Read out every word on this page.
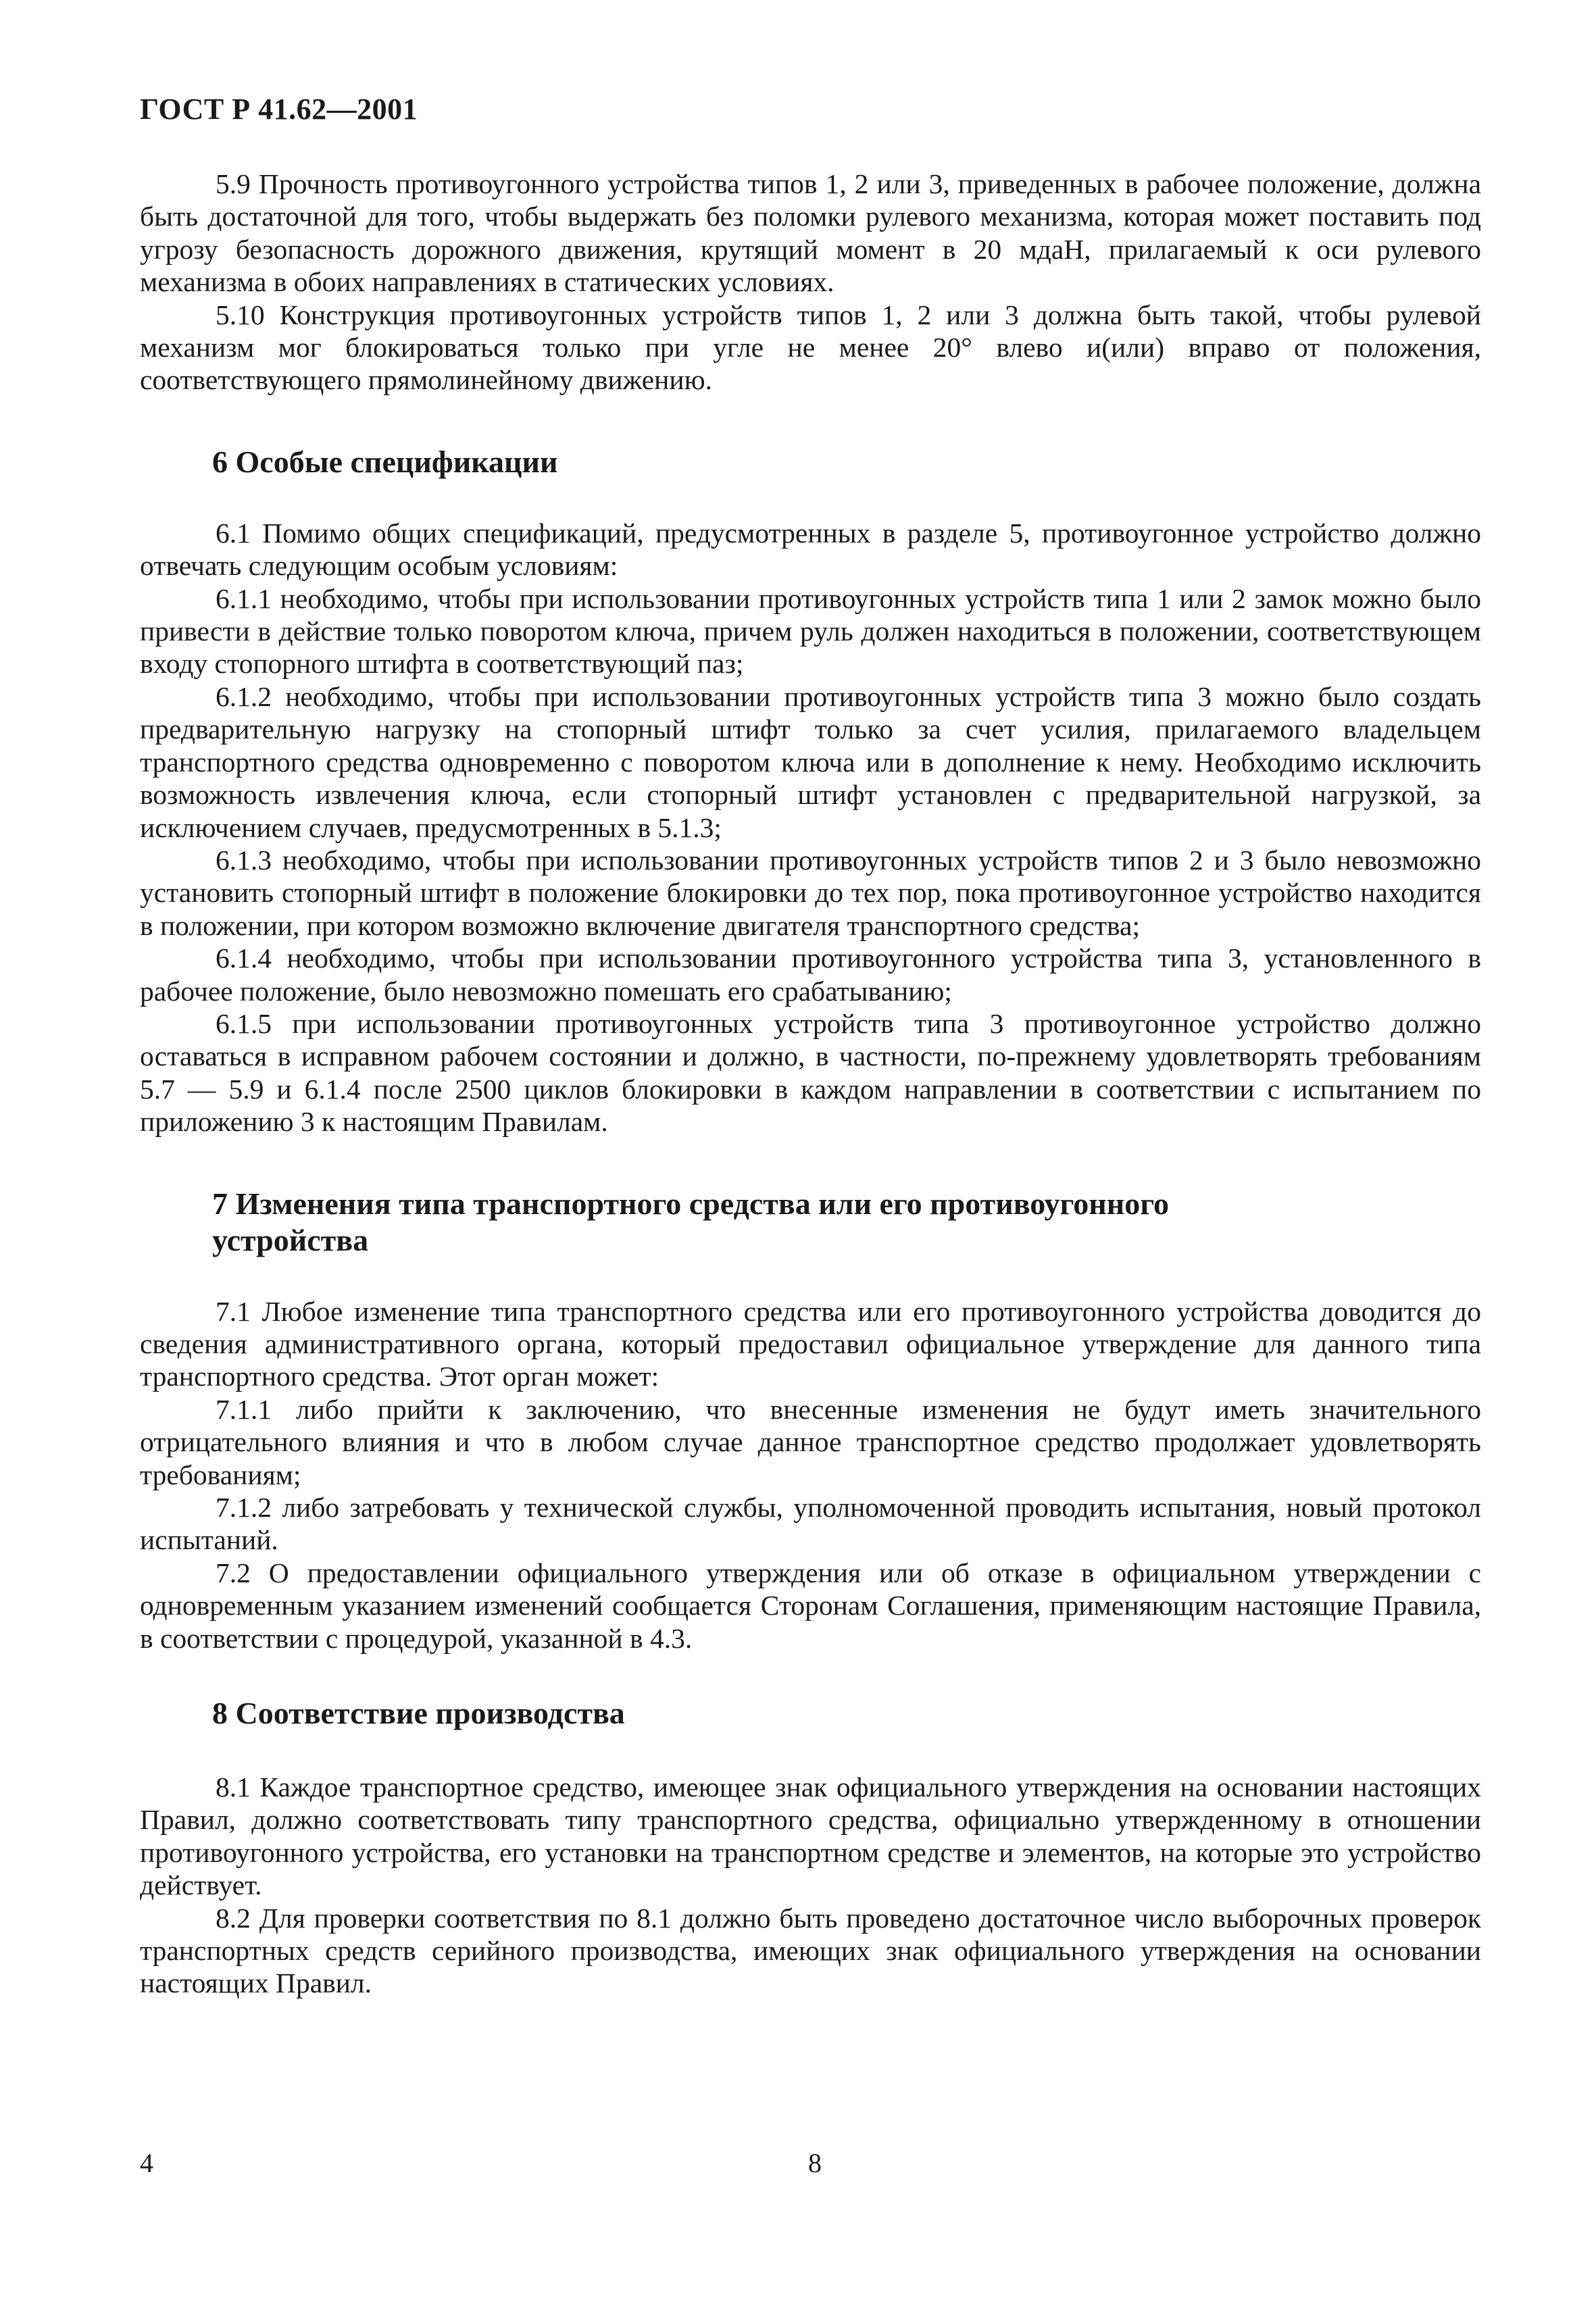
ГОСТ Р 41.62—2001

5.9 Прочность противоугонного устройства типов 1, 2 или 3, приведенных в рабочее положение, должна быть достаточной для того, чтобы выдержать без поломки рулевого механизма, которая может поставить под угрозу безопасность дорожного движения, крутящий момент в 20 мдаН, прилагаемый к оси рулевого механизма в обоих направлениях в статических условиях.

5.10 Конструкция противоугонных устройств типов 1, 2 или 3 должна быть такой, чтобы рулевой механизм мог блокироваться только при угле не менее 20° влево и(или) вправо от положения, соответствующего прямолинейному движению.

6 Особые спецификации

6.1 Помимо общих спецификаций, предусмотренных в разделе 5, противоугонное устройство должно отвечать следующим особым условиям:

6.1.1 необходимо, чтобы при использовании противоугонных устройств типа 1 или 2 замок можно было привести в действие только поворотом ключа, причем руль должен находиться в положении, соответствующем входу стопорного штифта в соответствующий паз;

6.1.2 необходимо, чтобы при использовании противоугонных устройств типа 3 можно было создать предварительную нагрузку на стопорный штифт только за счет усилия, прилагаемого владельцем транспортного средства одновременно с поворотом ключа или в дополнение к нему. Необходимо исключить возможность извлечения ключа, если стопорный штифт установлен с предварительной нагрузкой, за исключением случаев, предусмотренных в 5.1.3;

6.1.3 необходимо, чтобы при использовании противоугонных устройств типов 2 и 3 было невозможно установить стопорный штифт в положение блокировки до тех пор, пока противоугонное устройство находится в положении, при котором возможно включение двигателя транспортного средства;

6.1.4 необходимо, чтобы при использовании противоугонного устройства типа 3, установленного в рабочее положение, было невозможно помешать его срабатыванию;

6.1.5 при использовании противоугонных устройств типа 3 противоугонное устройство должно оставаться в исправном рабочем состоянии и должно, в частности, по-прежнему удовлетворять требованиям 5.7 — 5.9 и 6.1.4 после 2500 циклов блокировки в каждом направлении в соответствии с испытанием по приложению 3 к настоящим Правилам.

7 Изменения типа транспортного средства или его противоугонного устройства

7.1 Любое изменение типа транспортного средства или его противоугонного устройства доводится до сведения административного органа, который предоставил официальное утверждение для данного типа транспортного средства. Этот орган может:

7.1.1 либо прийти к заключению, что внесенные изменения не будут иметь значительного отрицательного влияния и что в любом случае данное транспортное средство продолжает удовлетворять требованиям;

7.1.2 либо затребовать у технической службы, уполномоченной проводить испытания, новый протокол испытаний.

7.2 О предоставлении официального утверждения или об отказе в официальном утверждении с одновременным указанием изменений сообщается Сторонам Соглашения, применяющим настоящие Правила, в соответствии с процедурой, указанной в 4.3.

8 Соответствие производства

8.1 Каждое транспортное средство, имеющее знак официального утверждения на основании настоящих Правил, должно соответствовать типу транспортного средства, официально утвержденному в отношении противоугонного устройства, его установки на транспортном средстве и элементов, на которые это устройство действует.

8.2 Для проверки соответствия по 8.1 должно быть проведено достаточное число выборочных проверок транспортных средств серийного производства, имеющих знак официального утверждения на основании настоящих Правил.

4	8
